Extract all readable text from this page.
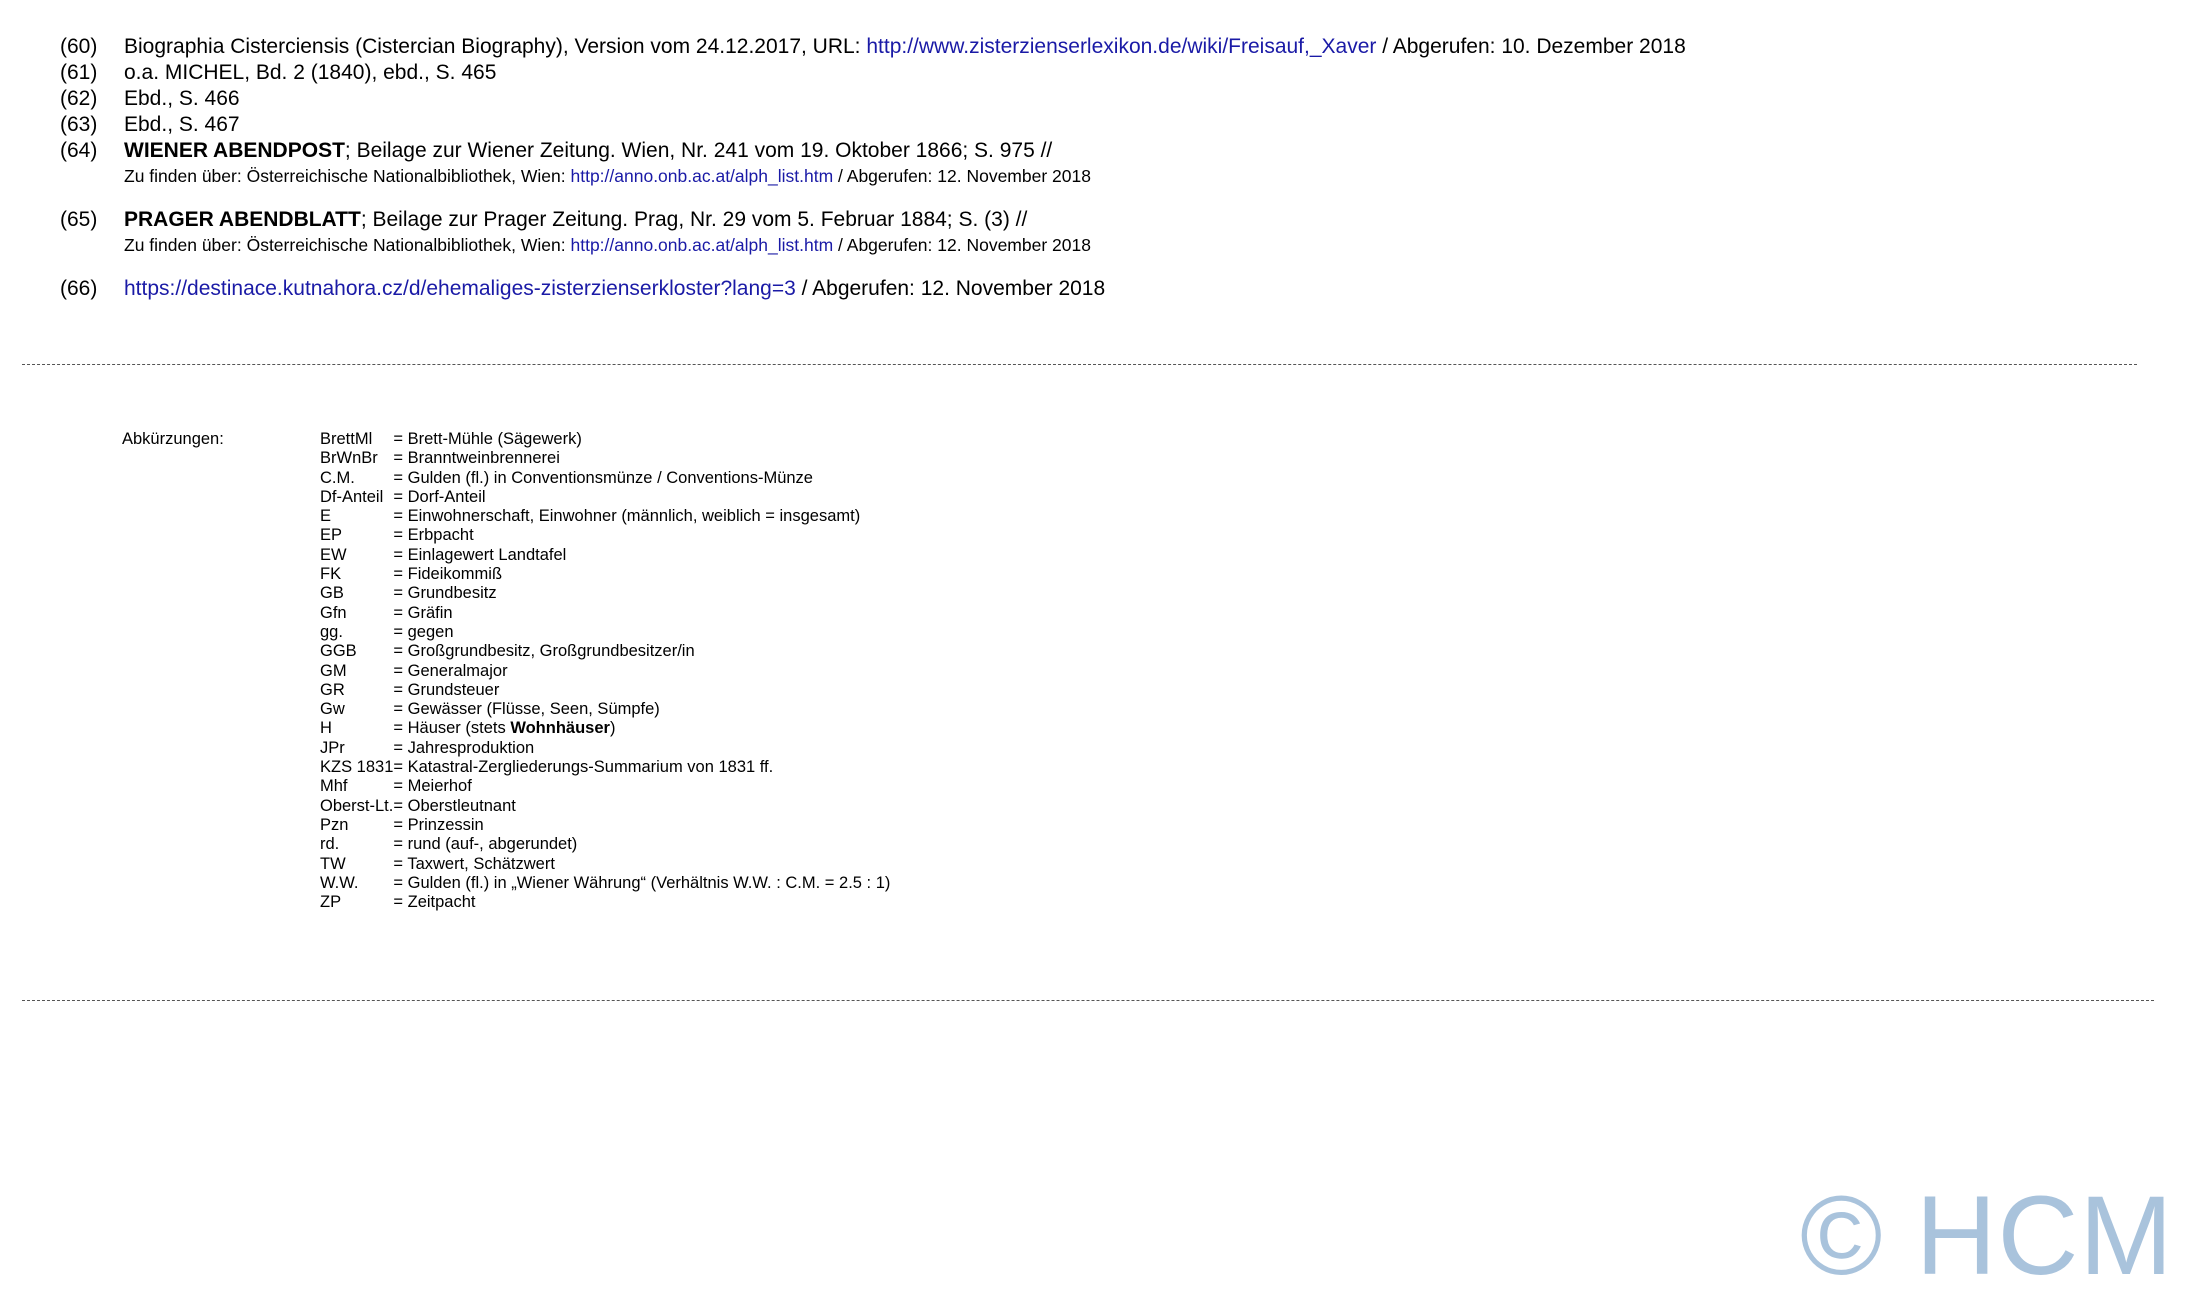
(60) Biographia Cisterciensis (Cistercian Biography), Version vom 24.12.2017, URL: http://www.zisterzienserlexikon.de/wiki/Freisauf,_Xaver / Abgerufen: 10. Dezember 2018
(61) o.a. MICHEL, Bd. 2 (1840), ebd., S. 465
(62) Ebd., S. 466
(63) Ebd., S. 467
(64) WIENER ABENDPOST; Beilage zur Wiener Zeitung. Wien, Nr. 241 vom 19. Oktober 1866; S. 975 //
Zu finden über: Österreichische Nationalbibliothek, Wien: http://anno.onb.ac.at/alph_list.htm / Abgerufen: 12. November 2018
(65) PRAGER ABENDBLATT; Beilage zur Prager Zeitung. Prag, Nr. 29 vom 5. Februar 1884; S. (3) //
Zu finden über: Österreichische Nationalbibliothek, Wien: http://anno.onb.ac.at/alph_list.htm / Abgerufen: 12. November 2018
(66) https://destinace.kutnahora.cz/d/ehemaliges-zisterzienserkloster?lang=3 / Abgerufen: 12. November 2018
Abkürzungen:	BrettMl	= Brett-Mühle (Sägewerk)
BrWnBr	= Branntweinbrennerei
C.M.	= Gulden (fl.) in Conventionsmünze / Conventions-Münze
Df-Anteil	= Dorf-Anteil
E	= Einwohnerschaft, Einwohner (männlich, weiblich = insgesamt)
EP	= Erbpacht
EW	= Einlagewert Landtafel
FK	= Fideikommiß
GB	= Grundbesitz
Gfn	= Gräfin
gg.	= gegen
GGB	= Großgrundbesitz, Großgrundbesitzer/in
GM	= Generalmajor
GR	= Grundsteuer
Gw	= Gewässer (Flüsse, Seen, Sümpfe)
H	= Häuser (stets Wohnhäuser)
JPr	= Jahresproduktion
KZS 1831	= Katastral-Zergliederungs-Summarium von 1831 ff.
Mhf	= Meierhof
Oberst-Lt.	= Oberstleutnant
Pzn	= Prinzessin
rd.	= rund (auf-, abgerundet)
TW	= Taxwert, Schätzwert
W.W.	= Gulden (fl.) in „Wiener Währung“ (Verhältnis W.W. : C.M. = 2.5 : 1)
ZP	= Zeitpacht
© HCM
